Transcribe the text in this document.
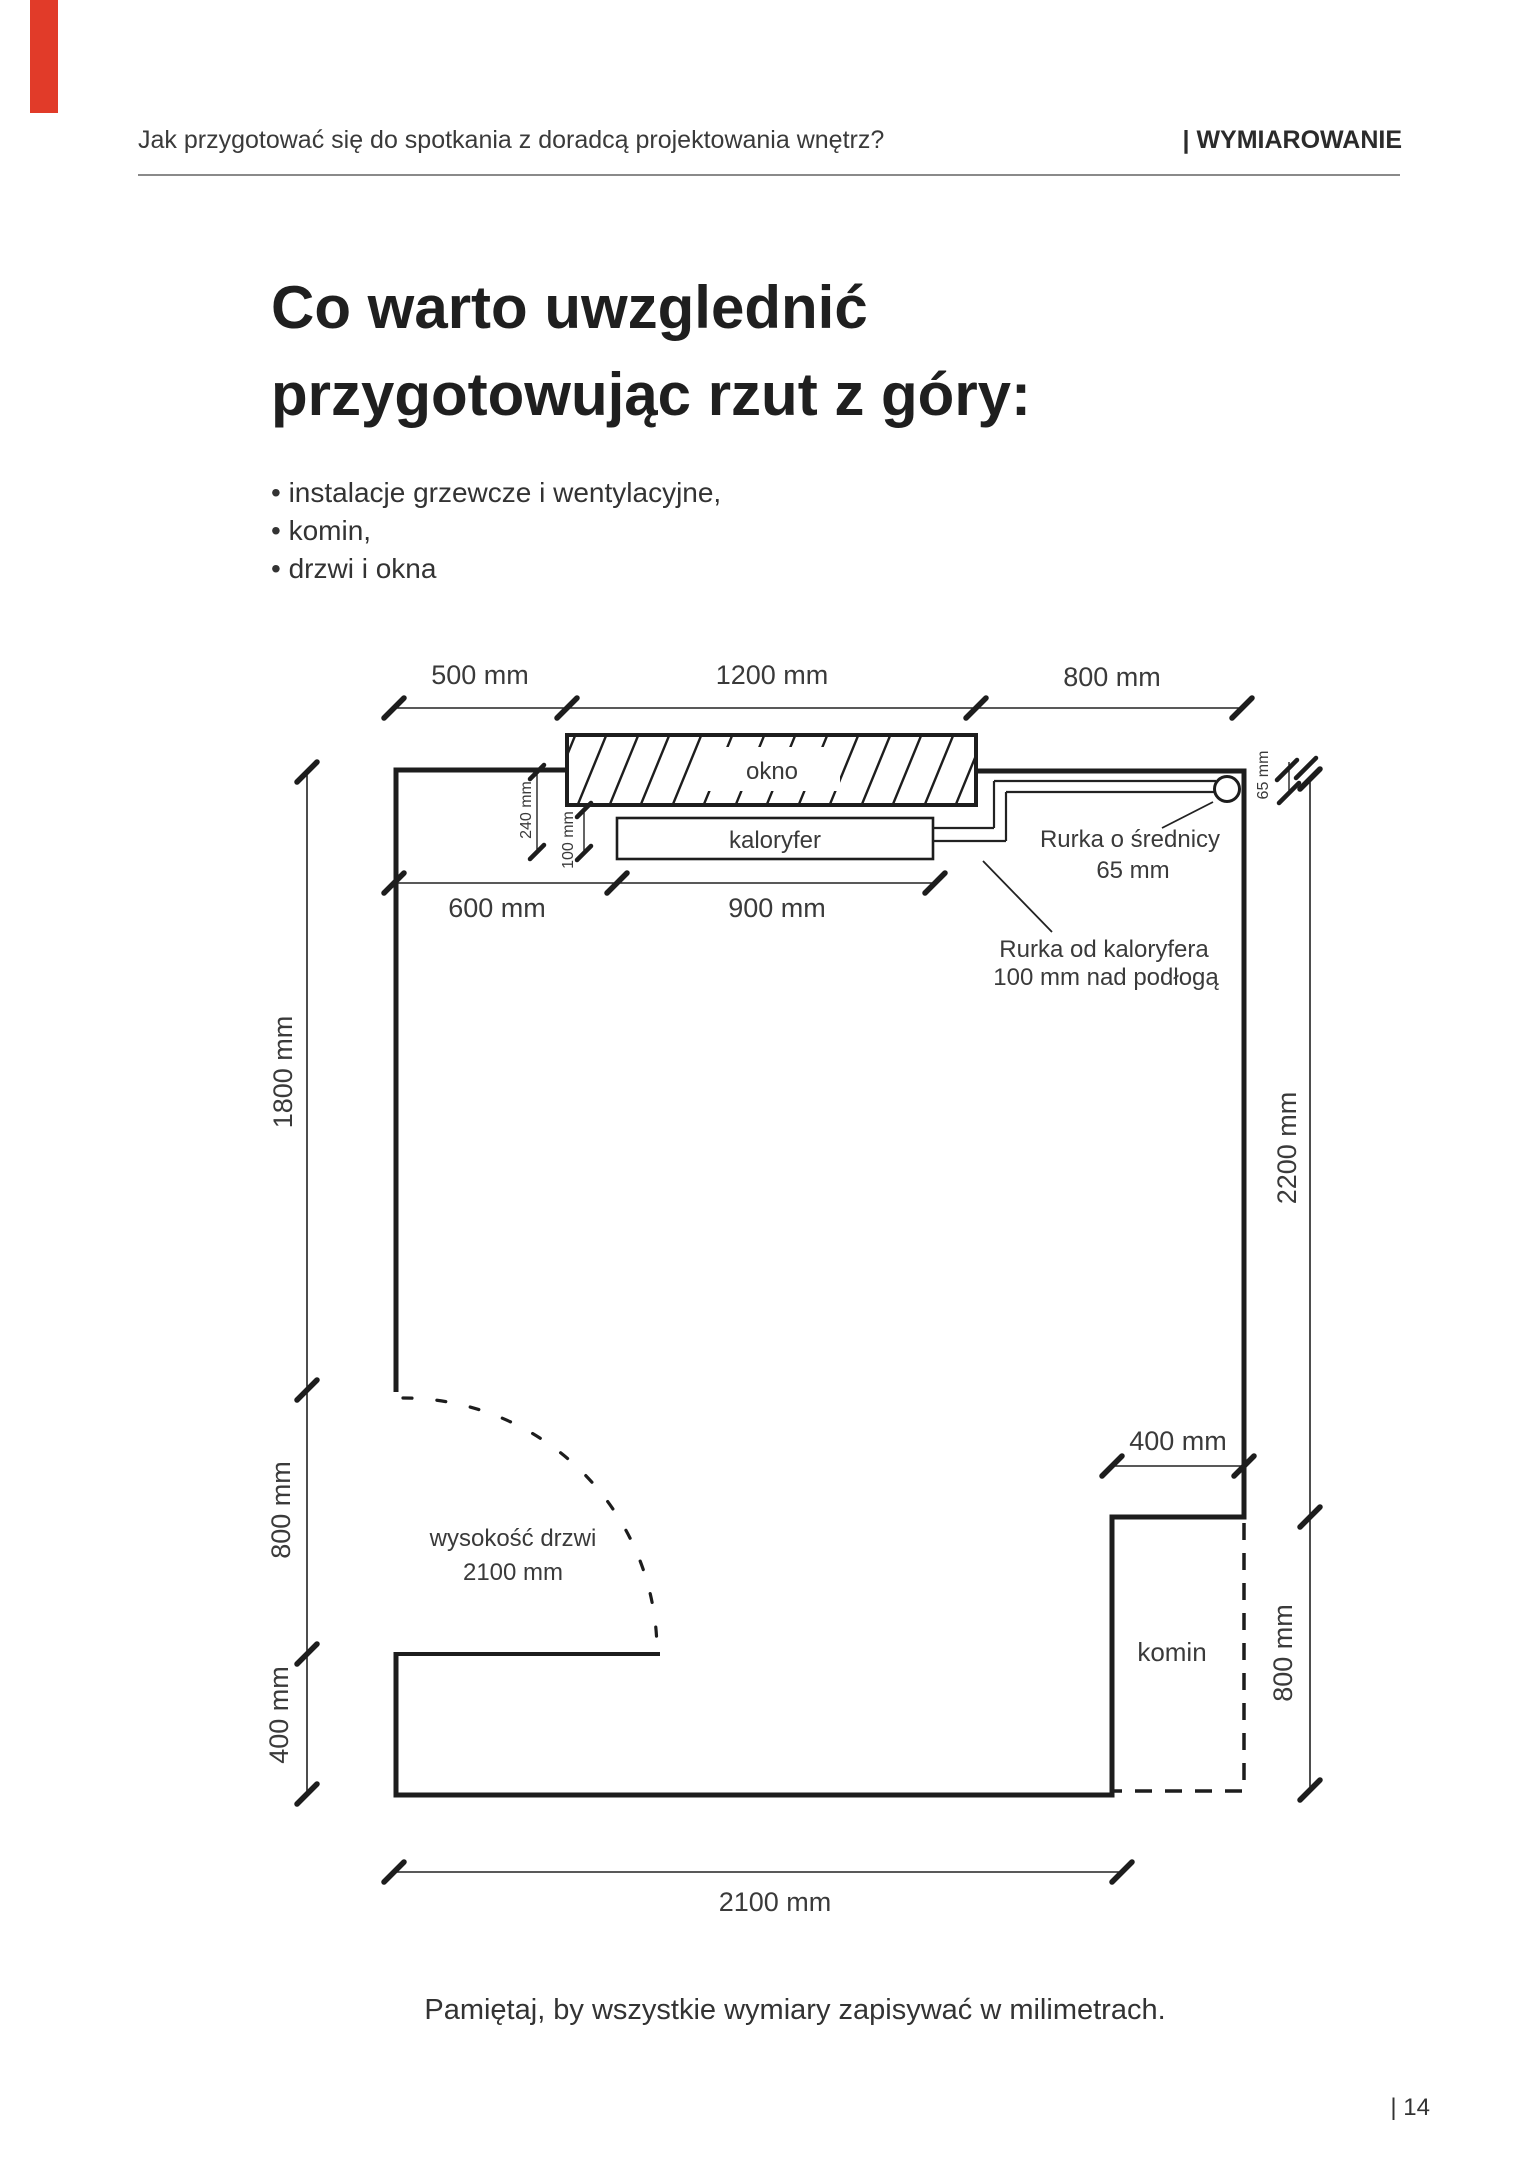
Jak przygotować się do spotkania z doradcą projektowania wnętrz?	| WYMIAROWANIE
Co warto uwzglednić
przygotowując rzut z góry:
• instalacje grzewcze i wentylacyjne,
• komin,
• drzwi i okna
okno
kaloryfer
500 mm	1200 mm	800 mm
600 mm	900 mm
400 mm
2100 mm
1800 mm
800 mm
400 mm
2200 mm
800 mm
65 mm
240 mm
100 mm	Rurka o średnicy
65 mm
Rurka od kaloryfera
100 mm nad podłogą
wysokość drzwi
2100 mm
komin
Pamiętaj, by wszystkie wymiary zapisywać w milimetrach.
| 14
